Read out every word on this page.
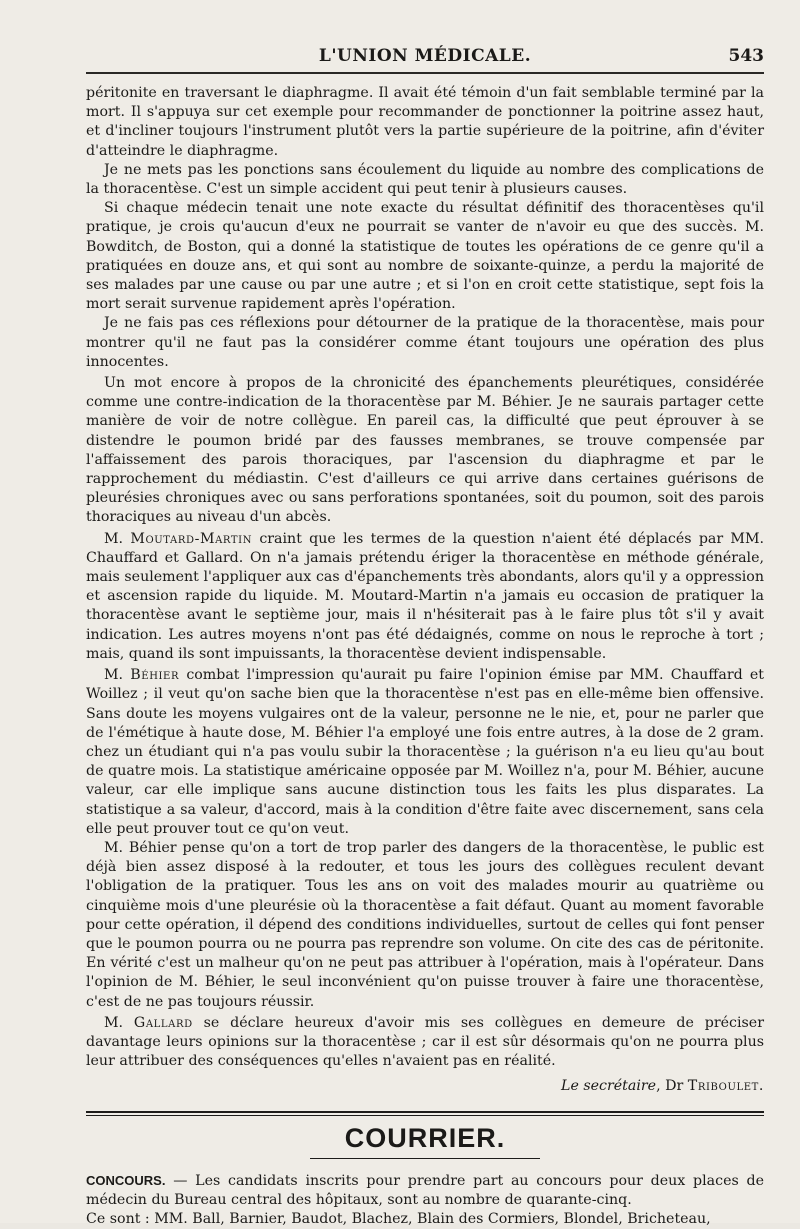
L'UNION MÉDICALE.	543

péritonite en traversant le diaphragme. Il avait été témoin d'un fait semblable terminé par la mort. Il s'appuya sur cet exemple pour recommander de ponctionner la poitrine assez haut, et d'incliner toujours l'instrument plutôt vers la partie supérieure de la poitrine, afin d'éviter d'atteindre le diaphragme.

Je ne mets pas les ponctions sans écoulement du liquide au nombre des complications de la thoracentèse. C'est un simple accident qui peut tenir à plusieurs causes.

Si chaque médecin tenait une note exacte du résultat définitif des thoracentèses qu'il pratique, je crois qu'aucun d'eux ne pourrait se vanter de n'avoir eu que des succès. M. Bowditch, de Boston, qui a donné la statistique de toutes les opérations de ce genre qu'il a pratiquées en douze ans, et qui sont au nombre de soixante-quinze, a perdu la majorité de ses malades par une cause ou par une autre ; et si l'on en croit cette statistique, sept fois la mort serait survenue rapidement après l'opération.

Je ne fais pas ces réflexions pour détourner de la pratique de la thoracentèse, mais pour montrer qu'il ne faut pas la considérer comme étant toujours une opération des plus innocentes.

Un mot encore à propos de la chronicité des épanchements pleurétiques, considérée comme une contre-indication de la thoracentèse par M. Béhier. Je ne saurais partager cette manière de voir de notre collègue. En pareil cas, la difficulté que peut éprouver à se distendre le poumon bridé par des fausses membranes, se trouve compensée par l'affaissement des parois thoraciques, par l'ascension du diaphragme et par le rapprochement du médiastin. C'est d'ailleurs ce qui arrive dans certaines guérisons de pleurésies chroniques avec ou sans perforations spontanées, soit du poumon, soit des parois thoraciques au niveau d'un abcès.

M. Moutard-Martin craint que les termes de la question n'aient été déplacés par MM. Chauffard et Gallard. On n'a jamais prétendu ériger la thoracentèse en méthode générale, mais seulement l'appliquer aux cas d'épanchements très abondants, alors qu'il y a oppression et ascension rapide du liquide. M. Moutard-Martin n'a jamais eu occasion de pratiquer la thoracentèse avant le septième jour, mais il n'hésiterait pas à le faire plus tôt s'il y avait indication. Les autres moyens n'ont pas été dédaignés, comme on nous le reproche à tort ; mais, quand ils sont impuissants, la thoracentèse devient indispensable.

M. Béhier combat l'impression qu'aurait pu faire l'opinion émise par MM. Chauffard et Woillez ; il veut qu'on sache bien que la thoracentèse n'est pas en elle-même bien offensive. Sans doute les moyens vulgaires ont de la valeur, personne ne le nie, et, pour ne parler que de l'émétique à haute dose, M. Béhier l'a employé une fois entre autres, à la dose de 2 gram. chez un étudiant qui n'a pas voulu subir la thoracentèse ; la guérison n'a eu lieu qu'au bout de quatre mois. La statistique américaine opposée par M. Woillez n'a, pour M. Béhier, aucune valeur, car elle implique sans aucune distinction tous les faits les plus disparates. La statistique a sa valeur, d'accord, mais à la condition d'être faite avec discernement, sans cela elle peut prouver tout ce qu'on veut.

M. Béhier pense qu'on a tort de trop parler des dangers de la thoracentèse, le public est déjà bien assez disposé à la redouter, et tous les jours des collègues reculent devant l'obligation de la pratiquer. Tous les ans on voit des malades mourir au quatrième ou cinquième mois d'une pleurésie où la thoracentèse a fait défaut. Quant au moment favorable pour cette opération, il dépend des conditions individuelles, surtout de celles qui font penser que le poumon pourra ou ne pourra pas reprendre son volume. On cite des cas de péritonite. En vérité c'est un malheur qu'on ne peut pas attribuer à l'opération, mais à l'opérateur. Dans l'opinion de M. Béhier, le seul inconvénient qu'on puisse trouver à faire une thoracentèse, c'est de ne pas toujours réussir.

M. Gallard se déclare heureux d'avoir mis ses collègues en demeure de préciser davantage leurs opinions sur la thoracentèse ; car il est sûr désormais qu'on ne pourra plus leur attribuer des conséquences qu'elles n'avaient pas en réalité.

Le secrétaire, Dr Triboulet.
COURRIER.

CONCOURS. — Les candidats inscrits pour prendre part au concours pour deux places de médecin du Bureau central des hôpitaux, sont au nombre de quarante-cinq.

Ce sont : MM. Ball, Barnier, Baudot, Blachez, Blain des Cormiers, Blondel, Bricheteau,
